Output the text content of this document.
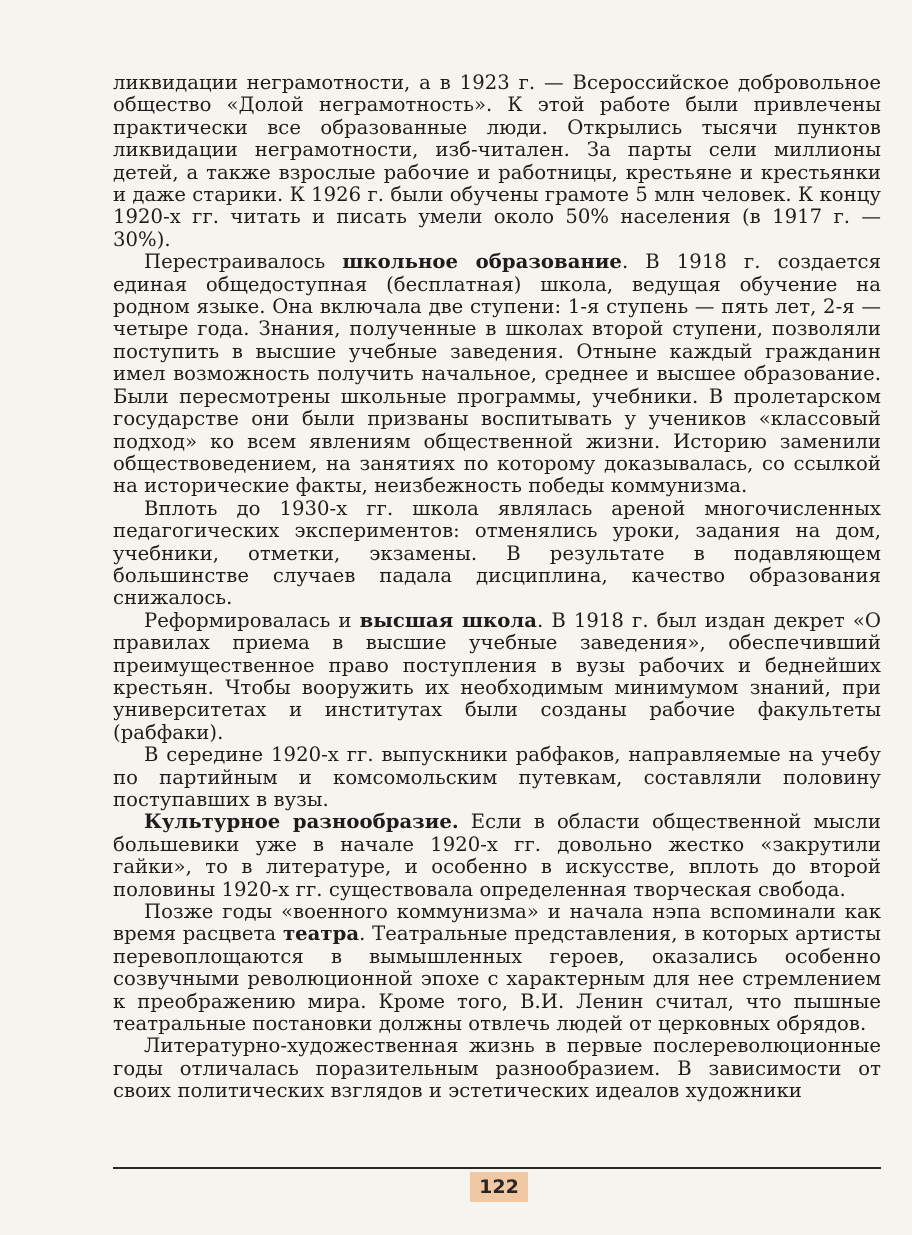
ликвидации неграмотности, а в 1923 г. — Всероссийское добровольное общество «Долой неграмотность». К этой работе были привлечены практически все образованные люди. Открылись тысячи пунктов ликвидации неграмотности, изб-читален. За парты сели миллионы детей, а также взрослые рабочие и работницы, крестьяне и крестьянки и даже старики. К 1926 г. были обучены грамоте 5 млн человек. К концу 1920-х гг. читать и писать умели около 50% населения (в 1917 г. — 30%).

Перестраивалось школьное образование. В 1918 г. создается единая общедоступная (бесплатная) школа, ведущая обучение на родном языке. Она включала две ступени: 1-я ступень — пять лет, 2-я — четыре года. Знания, полученные в школах второй ступени, позволяли поступить в высшие учебные заведения. Отныне каждый гражданин имел возможность получить начальное, среднее и высшее образование. Были пересмотрены школьные программы, учебники. В пролетарском государстве они были призваны воспитывать у учеников «классовый подход» ко всем явлениям общественной жизни. Историю заменили обществоведением, на занятиях по которому доказывалась, со ссылкой на исторические факты, неизбежность победы коммунизма.

Вплоть до 1930-х гг. школа являлась ареной многочисленных педагогических экспериментов: отменялись уроки, задания на дом, учебники, отметки, экзамены. В результате в подавляющем большинстве случаев падала дисциплина, качество образования снижалось.

Реформировалась и высшая школа. В 1918 г. был издан декрет «О правилах приема в высшие учебные заведения», обеспечивший преимущественное право поступления в вузы рабочих и беднейших крестьян. Чтобы вооружить их необходимым минимумом знаний, при университетах и институтах были созданы рабочие факультеты (рабфаки).

В середине 1920-х гг. выпускники рабфаков, направляемые на учебу по партийным и комсомольским путевкам, составляли половину поступавших в вузы.

Культурное разнообразие. Если в области общественной мысли большевики уже в начале 1920-х гг. довольно жестко «закрутили гайки», то в литературе, и особенно в искусстве, вплоть до второй половины 1920-х гг. существовала определенная творческая свобода.

Позже годы «военного коммунизма» и начала нэпа вспоминали как время расцвета театра. Театральные представления, в которых артисты перевоплощаются в вымышленных героев, оказались особенно созвучными революционной эпохе с характерным для нее стремлением к преображению мира. Кроме того, В.И. Ленин считал, что пышные театральные постановки должны отвлечь людей от церковных обрядов.

Литературно-художественная жизнь в первые послереволюционные годы отличалась поразительным разнообразием. В зависимости от своих политических взглядов и эстетических идеалов художники

122
